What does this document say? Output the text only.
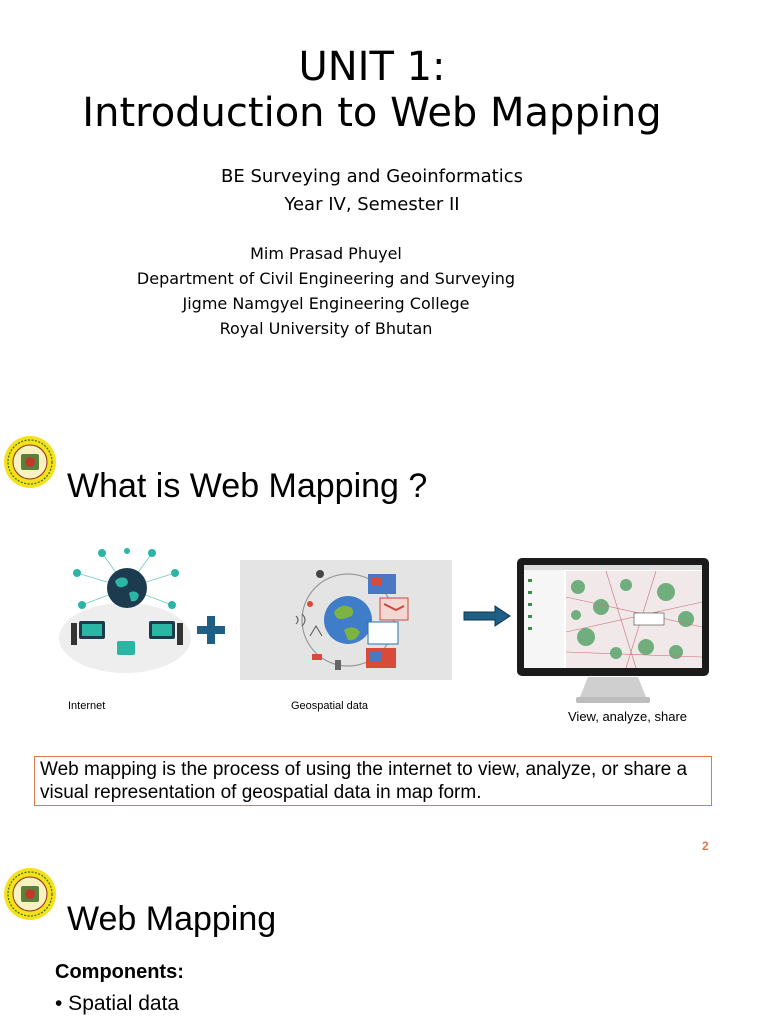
UNIT 1:
Introduction to Web Mapping
BE Surveying and Geoinformatics
Year IV, Semester II
Mim Prasad Phuyel
Department of Civil Engineering and Surveying
Jigme Namgyel Engineering College
Royal University of Bhutan
What is Web Mapping ?
Internet	Geospatial data
View, analyze, share
Web mapping is the process of using the internet to view, analyze, or share a visual representation of geospatial data in map form.
2
Web Mapping
Components:
• Spatial data
